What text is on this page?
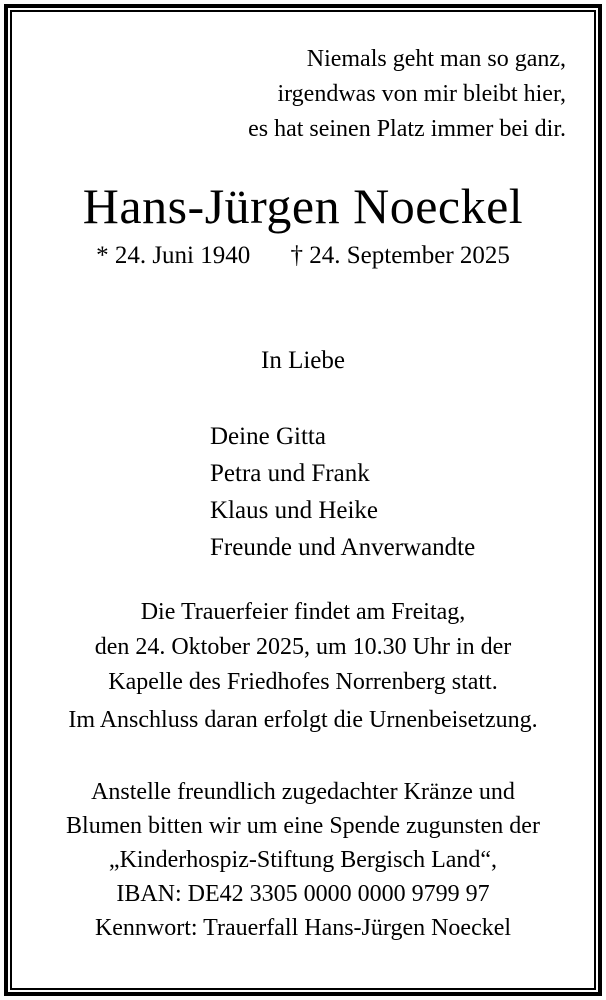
Niemals geht man so ganz,
irgendwas von mir bleibt hier,
es hat seinen Platz immer bei dir.
Hans-Jürgen Noeckel
* 24. Juni 1940 † 24. September 2025
In Liebe
Deine Gitta
Petra und Frank
Klaus und Heike
Freunde und Anverwandte
Die Trauerfeier findet am Freitag,
den 24. Oktober 2025, um 10.30 Uhr in der
Kapelle des Friedhofes Norrenberg statt.
Im Anschluss daran erfolgt die Urnenbeisetzung.
Anstelle freundlich zugedachter Kränze und
Blumen bitten wir um eine Spende zugunsten der
„Kinderhospiz-Stiftung Bergisch Land“,
IBAN: DE42 3305 0000 0000 9799 97
Kennwort: Trauerfall Hans-Jürgen Noeckel
